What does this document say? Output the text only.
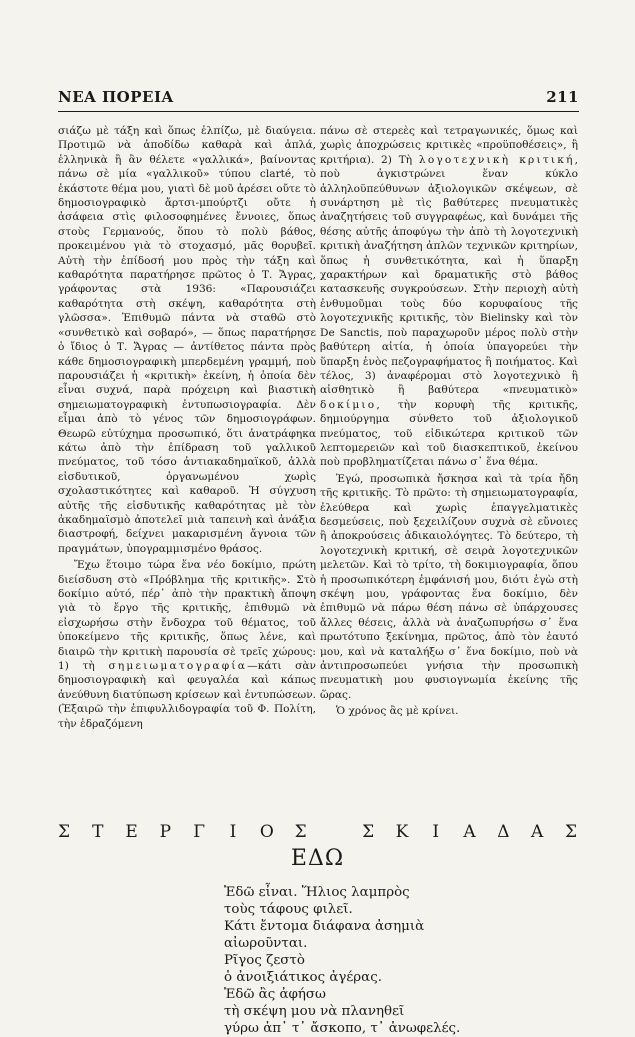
ΝΕΑ ΠΟΡΕΙΑ	211

σιάζω μὲ τάξη καὶ ὅπως ἐλπίζω, μὲ διαύγεια. Προτιμῶ νὰ ἀποδίδω καθαρὰ καὶ ἁπλά, ἑλληνικὰ ἢ ἂν θέλετε «γαλλικά», βαίνοντας πάνω σὲ μία «γαλλικοῦ» τύπου clarté, τὸ ἑκάστοτε θέμα μου, γιατὶ δὲ μοῦ ἀρέσει οὔτε τὸ δημοσιογραφικὸ ἄρτσι-μπούρτζι οὔτε ἡ ἀσάφεια στὶς φιλοσοφημένες ἔννοιες, ὅπως στοὺς Γερμανούς, ὅπου τὸ πολὺ βάθος, προκειμένου γιὰ τὸ στοχασμό, μᾶς θορυβεῖ. Αὐτὴ τὴν ἐπίδοσή μου πρὸς τὴν τάξη καὶ καθαρότητα παρατήρησε πρῶτος ὁ Τ. Ἄγρας, γράφοντας στὰ 1936: «Παρουσιάζει καθαρότητα στὴ σκέψη, καθαρότητα στὴ γλῶσσα». Ἐπιθυμῶ πάντα νὰ σταθῶ στὸ «συνθετικὸ καὶ σοβαρό», — ὅπως παρατήρησε ὁ ἴδιος ὁ Τ. Ἄγρας — ἀντίθετος πάντα πρὸς κάθε δημοσιογραφικὴ μπερδεμένη γραμμή, ποὺ παρουσιάζει ἡ «κριτικὴ» ἐκείνη, ἡ ὁποία δὲν εἶναι συχνά, παρὰ πρόχειρη καὶ βιαστικὴ σημειωματογραφικὴ ἐντυπωσιογραφία. Δὲν εἶμαι ἀπὸ τὸ γένος τῶν δημοσιογράφων. Θεωρῶ εὐτύχημα προσωπικό, ὅτι ἀνατράφηκα κάτω ἀπὸ τὴν ἐπίδραση τοῦ γαλλικοῦ πνεύματος, τοῦ τόσο ἀντιακαδημαϊκοῦ, ἀλλὰ εἰσδυτικοῦ, ὀργανωμένου χωρὶς σχολαστικότητες καὶ καθαροῦ. Ἡ σύγχυση αὐτῆς τῆς εἰσδυτικῆς καθαρότητας μὲ τὸν ἀκαδημαϊσμὸ ἀποτελεῖ μιὰ ταπεινὴ καὶ ἀνάξια διαστροφή, δείχνει μακαρισμένη ἄγνοια τῶν πραγμάτων, ὑπογραμμισμένο θράσος.

Ἔχω ἕτοιμο τώρα ἕνα νέο δοκίμιο, πρώτη διείσδυση στὸ «Πρόβλημα τῆς κριτικῆς». Στὸ δοκίμιο αὐτό, πέρ᾽ ἀπὸ τὴν πρακτικὴ ἄποψη γιὰ τὸ ἔργο τῆς κριτικῆς, ἐπιθυμῶ νὰ εἰσχωρήσω στὴν ἔνδοχρα τοῦ θέματος, τοῦ ὑποκείμενο τῆς κριτικῆς, ὅπως λένε, καὶ διαιρῶ τὴν κριτικὴ παρουσία σὲ τρεῖς χώρους: 1) τὴ σημειωματογραφία—κάτι σὰν δημοσιογραφικὴ καὶ φευγαλέα καὶ κάπως ἀνεύθυνη διατύπωση κρίσεων καὶ ἐντυπώσεων. (Ἐξαιρῶ τὴν ἐπιφυλλιδογραφία τοῦ Φ. Πολίτη, τὴν ἑδραζόμενη

πάνω σὲ στερεὲς καὶ τετραγωνικές, ὅμως καὶ χωρὶς ἀποχρώσεις κριτικὲς «προϋποθέσεις», ἢ κριτήρια). 2) Τὴ λογοτεχνικὴ κριτική, ποὺ ἀγκιστρώνει ἕναν κύκλο ἀλληλοϋπεύθυνων ἀξιολογικῶν σκέψεων, σὲ συνάρτηση μὲ τὶς βαθύτερες πνευματικὲς ἀναζητήσεις τοῦ συγγραφέως, καὶ δυνάμει τῆς θέσης αὐτῆς ἀποφύγω τὴν ἀπὸ τὴ λογοτεχνικὴ κριτικὴ ἀναζήτηση ἁπλῶν τεχνικῶν κριτηρίων, ὅπως ἡ συνθετικότητα, καὶ ἡ ὕπαρξη χαρακτήρων καὶ δραματικῆς στὸ βάθος κατασκευῆς συγκρούσεων. Στὴν περιοχὴ αὐτὴ ἐνθυμοῦμαι τοὺς δύο κορυφαίους τῆς λογοτεχνικῆς κριτικῆς, τὸν Bielinsky καὶ τὸν De Sanctis, ποὺ παραχωροῦν μέρος πολὺ στὴν βαθύτερη αἰτία, ἡ ὁποία ὑπαγορεύει τὴν ὕπαρξη ἑνὸς πεζογραφήματος ἢ ποιήματος. Καὶ τέλος, 3) ἀναφέρομαι στὸ λογοτεχνικὸ ἢ αἰσθητικὸ ἢ βαθύτερα «πνευματικὸ» δοκίμιο, τὴν κορυφὴ τῆς κριτικῆς, δημιούργημα σύνθετο τοῦ ἀξιολογικοῦ πνεύματος, τοῦ εἰδικώτερα κριτικοῦ τῶν λεπτομερειῶν καὶ τοῦ διασκεπτικοῦ, ἐκείνου ποὺ προβληματίζεται πάνω σ᾽ ἕνα θέμα.

Ἐγώ, προσωπικὰ ἤσκησα καὶ τὰ τρία ἤδη τῆς κριτικῆς. Τὸ πρῶτο: τὴ σημειωματογραφία, ἐλεύθερα καὶ χωρὶς ἐπαγγελματικὲς δεσμεύσεις, ποὺ ξεχειλίζουν συχνὰ σὲ εὔνοιες ἢ ἀποκρούσεις ἀδικαιολόγητες. Τὸ δεύτερο, τὴ λογοτεχνικὴ κριτική, σὲ σειρὰ λογοτεχνικῶν μελετῶν. Καὶ τὸ τρίτο, τὴ δοκιμιογραφία, ὅπου ἡ προσωπικότερη ἐμφάνισή μου, διότι ἐγὼ στὴ σκέψη μου, γράφοντας ἕνα δοκίμιο, δὲν ἐπιθυμῶ νὰ πάρω θέση πάνω σὲ ὑπάρχουσες ἄλλες θέσεις, ἀλλὰ νὰ ἀναζωπυρήσω σ᾽ ἕνα πρωτότυπο ξεκίνημα, πρῶτος, ἀπὸ τὸν ἑαυτό μου, καὶ νὰ καταλήξω σ᾽ ἕνα δοκίμιο, ποὺ νὰ ἀντιπροσωπεύει γνήσια τὴν προσωπικὴ πνευματικὴ μου φυσιογνωμία ἐκείνης τῆς ὥρας.

Ὁ χρόνος ἂς μὲ κρίνει.

Σ	Τ	Ε	Ρ	Γ	Ι	Ο	Σ	Σ	Κ	Ι	Α	Δ	Α	Σ
ΕΔΩ
Ἐδῶ εἶναι. Ἥλιος λαμπρὸς
τοὺς τάφους φιλεῖ.
Κάτι ἔντομα διάφανα ἀσημιὰ
αἰωροῦνται.
Ρῖγος ζεστὸ
ὁ ἀνοιξιάτικος ἀγέρας.
Ἐδῶ ἂς ἀφήσω
τὴ σκέψη μου νὰ πλανηθεῖ
γύρω ἀπ᾽ τ᾽ ἄσκοπο, τ᾽ ἀνωφελές.
